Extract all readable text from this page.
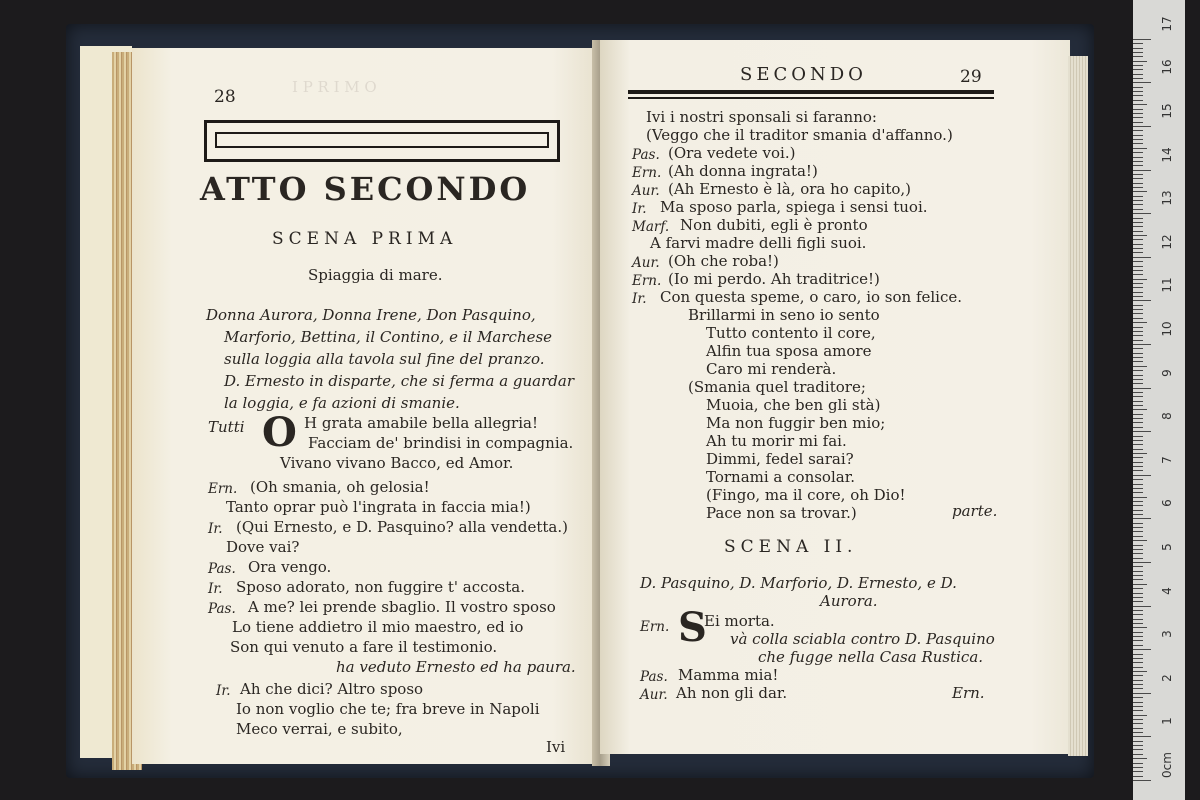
I P R I M O
28
ATTO SECONDO
SCENA PRIMA
Spiaggia di mare.
Donna Aurora, Donna Irene, Don Pasquino,
Marforio, Bettina, il Contino, e il Marchese
sulla loggia alla tavola sul fine del pranzo.
D. Ernesto in disparte, che si ferma a guardar
la loggia, e fa azioni di smanie.
Tutti O H grata amabile bella allegria!
Facciam de' brindisi in compagnia.
Vivano vivano Bacco, ed Amor.
Ern. (Oh smania, oh gelosia!
Tanto oprar può l'ingrata in faccia mia!)
Ir. (Qui Ernesto, e D. Pasquino? alla vendetta.)
Dove vai?
Pas. Ora vengo.
Ir. Sposo adorato, non fuggire t' accosta.
Pas. A me? lei prende sbaglio. Il vostro sposo
Lo tiene addietro il mio maestro, ed io
Son qui venuto a fare il testimonio.
ha veduto Ernesto ed ha paura.
Ir. Ah che dici? Altro sposo
Io non voglio che te; fra breve in Napoli
Meco verrai, e subito,
Ivi
SECONDO	29
Ivi i nostri sponsali si faranno:
(Veggo che il traditor smania d'affanno.)
Pas. (Ora vedete voi.)
Ern. (Ah donna ingrata!)
Aur. (Ah Ernesto è là, ora ho capito,)
Ir. Ma sposo parla, spiega i sensi tuoi.
Marf. Non dubiti, egli è pronto
A farvi madre delli figli suoi.
Aur. (Oh che roba!)
Ern. (Io mi perdo. Ah traditrice!)
Ir. Con questa speme, o caro, io son felice.
Brillarmi in seno io sento
Tutto contento il core,
Alfin tua sposa amore
Caro mi renderà.
(Smania quel traditore;
Muoia, che ben gli stà)
Ma non fuggir ben mio;
Ah tu morir mi fai.
Dimmi, fedel sarai?
Tornami a consolar.
(Fingo, ma il core, oh Dio!
Pace non sa trovar.)	parte.
SCENA II.
D. Pasquino, D. Marforio, D. Ernesto, e D.
Aurora.
Ern. S
Ei morta.
và colla sciabla contro D. Pasquino
che fugge nella Casa Rustica.
Pas. Mamma mia!
Aur. Ah non gli dar.	Ern.
0cm
1
2
3
4
5
6
7
8
9
10
11
12
13
14
15
16
17
